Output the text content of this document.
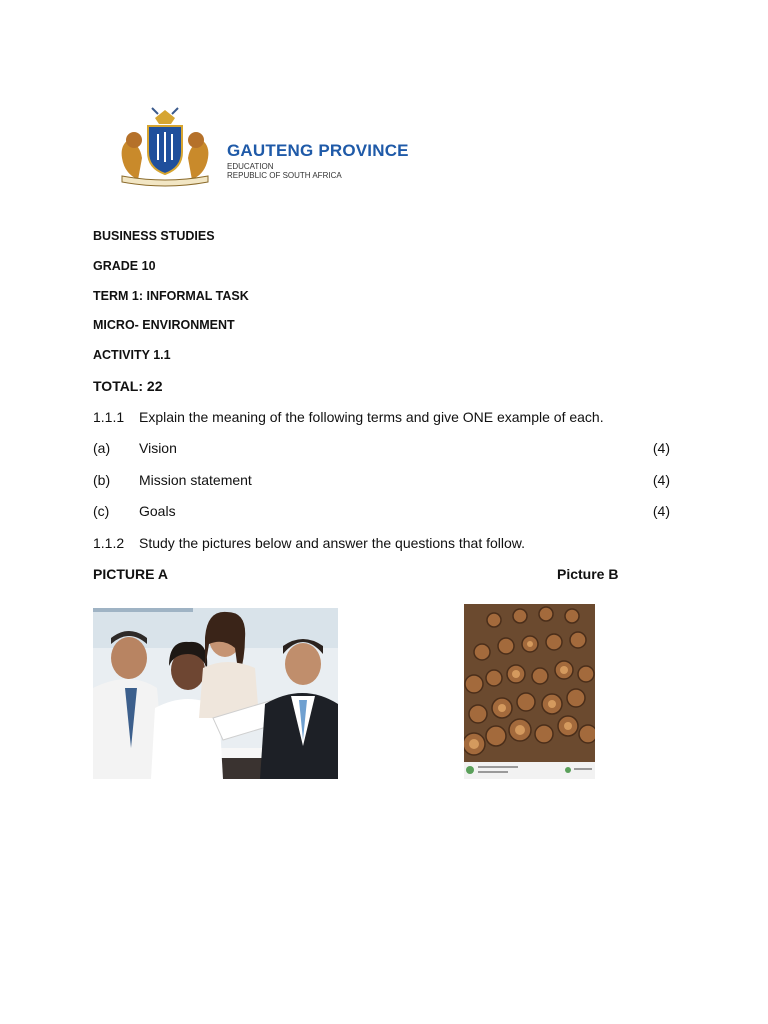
GAUTENG PROVINCE
EDUCATION
REPUBLIC OF SOUTH AFRICA
BUSINESS STUDIES
GRADE 10
TERM 1: INFORMAL TASK
MICRO- ENVIRONMENT
ACTIVITY 1.1
TOTAL: 22
1.1.1 Explain the meaning of the following terms and give ONE example of each.
(a) Vision	(4)
(b) Mission statement	(4)
(c) Goals	(4)
1.1.2 Study the pictures below and answer the questions that follow.
PICTURE A	Picture B
